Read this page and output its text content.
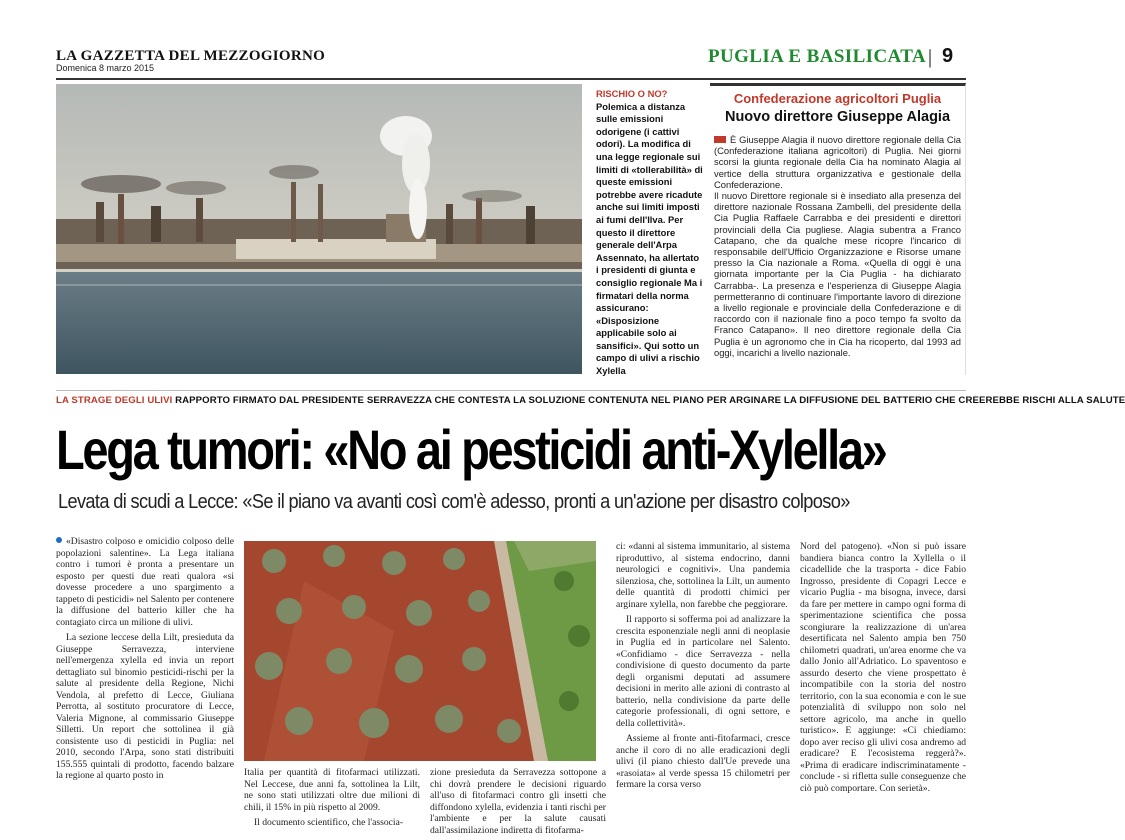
LA GAZZETTA DEL MEZZOGIORNO
Domenica 8 marzo 2015
PUGLIA E BASILICATA | 9
RISCHIO O NO?
Polemica a distanza sulle emissioni odorigene (i cattivi odori). La modifica di una legge regionale sui limiti di «tollerabilità» di queste emissioni potrebbe avere ricadute anche sui limiti imposti ai fumi dell'Ilva. Per questo il direttore generale dell'Arpa Assennato, ha allertato i presidenti di giunta e consiglio regionale Ma i firmatari della norma assicurano: «Disposizione applicabile solo ai sansifici». Qui sotto un campo di ulivi a rischio Xylella
Confederazione agricoltori Puglia
Nuovo direttore Giuseppe Alagia

È Giuseppe Alagia il nuovo direttore regionale della Cia (Confederazione italiana agricoltori) di Puglia. Nei giorni scorsi la giunta regionale della Cia ha nominato Alagia al vertice della struttura organizzativa e gestionale della Confederazione.

Il nuovo Direttore regionale si è insediato alla presenza del direttore nazionale Rossana Zambelli, del presidente della Cia Puglia Raffaele Carrabba e dei presidenti e direttori provinciali della Cia pugliese. Alagia subentra a Franco Catapano, che da qualche mese ricopre l'incarico di responsabile dell'Ufficio Organizzazione e Risorse umane presso la Cia nazionale a Roma. «Quella di oggi è una giornata importante per la Cia Puglia - ha dichiarato Carrabba-. La presenza e l'esperienza di Giuseppe Alagia permetteranno di continuare l'importante lavoro di direzione a livello regionale e provinciale della Confederazione e di raccordo con il nazionale fino a poco tempo fa svolto da Franco Catapano». Il neo direttore regionale della Cia Puglia è un agronomo che in Cia ha ricoperto, dal 1993 ad oggi, incarichi a livello nazionale.

LA STRAGE DEGLI ULIVI RAPPORTO FIRMATO DAL PRESIDENTE SERRAVEZZA CHE CONTESTA LA SOLUZIONE CONTENUTA NEL PIANO PER ARGINARE LA DIFFUSIONE DEL BATTERIO CHE CREEREBBE RISCHI ALLA SALUTE
Lega tumori: «No ai pesticidi anti-Xylella»
Levata di scudi a Lecce: «Se il piano va avanti così com'è adesso, pronti a un'azione per disastro colposo»

«Disastro colposo e omicidio colposo delle popolazioni salentine». La Lega italiana contro i tumori è pronta a presentare un esposto per questi due reati qualora «si dovesse procedere a uno spargimento a tappeto di pesticidi» nel Salento per contenere la diffusione del batterio killer che ha contagiato circa un milione di ulivi.

La sezione leccese della Lilt, presieduta da Giuseppe Serravezza, interviene nell'emergenza xylella ed invia un report dettagliato sul binomio pesticidi-rischi per la salute al presidente della Regione, Nichi Vendola, al prefetto di Lecce, Giuliana Perrotta, al sostituto procuratore di Lecce, Valeria Mignone, al commissario Giuseppe Silletti. Un report che sottolinea il già consistente uso di pesticidi in Puglia: nel 2010, secondo l'Arpa, sono stati distribuiti 155.555 quintali di prodotto, facendo balzare la regione al quarto posto in	Italia per quantità di fitofarmaci utilizzati. Nel Leccese, due anni fa, sottolinea la Lilt, ne sono stati utilizzati oltre due milioni di chili, il 15% in più rispetto al 2009.

Il documento scientifico, che l'associa-

zione presieduta da Serravezza sottopone a chi dovrà prendere le decisioni riguardo all'uso di fitofarmaci contro gli insetti che diffondono xylella, evidenzia i tanti rischi per l'ambiente e per la salute causati dall'assimilazione indiretta di fitofarma-

ci: «danni al sistema immunitario, al sistema riproduttivo, al sistema endocrino, danni neurologici e cognitivi». Una pandemia silenziosa, che, sottolinea la Lilt, un aumento delle quantità di prodotti chimici per arginare xylella, non farebbe che peggiorare.

Il rapporto si sofferma poi ad analizzare la crescita esponenziale negli anni di neoplasie in Puglia ed in particolare nel Salento. «Confidiamo - dice Serravezza - nella condivisione di questo documento da parte degli organismi deputati ad assumere decisioni in merito alle azioni di contrasto al batterio, nella condivisione da parte delle categorie professionali, di ogni settore, e della collettività».

Assieme al fronte anti-fitofarmaci, cresce anche il coro di no alle eradicazioni degli ulivi (il piano chiesto dall'Ue prevede una «rasoiata» al verde spessa 15 chilometri per fermare la corsa verso

Nord del patogeno). «Non si può issare bandiera bianca contro la Xyllella o il cicadellide che la trasporta - dice Fabio Ingrosso, presidente di Copagri Lecce e vicario Puglia - ma bisogna, invece, darsi da fare per mettere in campo ogni forma di sperimentazione scientifica che possa scongiurare la realizzazione di un'area desertificata nel Salento ampia ben 750 chilometri quadrati, un'area enorme che va dallo Jonio all'Adriatico. Lo spaventoso e assurdo deserto che viene prospettato è incompatibile con la storia del nostro territorio, con la sua economia e con le sue potenzialità di sviluppo non solo nel settore agricolo, ma anche in quello turistico». E aggiunge: «Ci chiediamo: dopo aver reciso gli ulivi cosa andremo ad eradicare? E l'ecosistema reggerà?». «Prima di eradicare indiscriminatamente - conclude - si rifletta sulle conseguenze che ciò può comportare. Con serietà».
